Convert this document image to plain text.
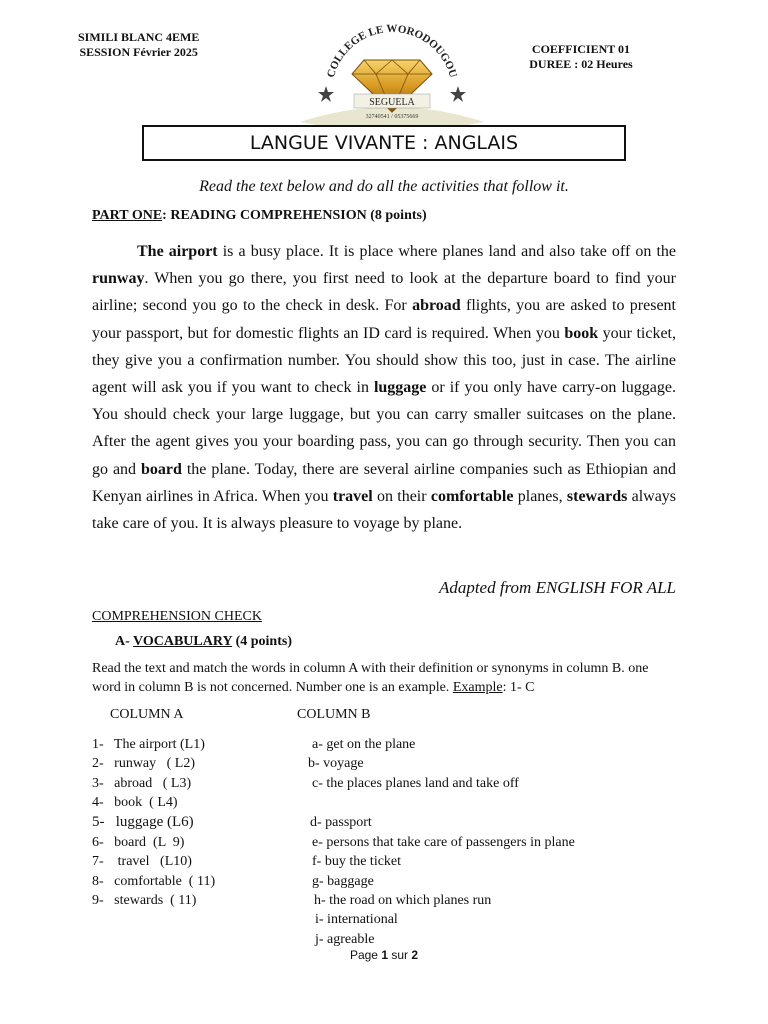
SIMILI BLANC 4EME
SESSION Février 2025
COLLEGE LE WORODOUGOU
SEGUELA
32740541 / 05375669
COEFFICIENT 01
DUREE : 02 Heures
LANGUE VIVANTE : ANGLAIS
Read the text below and do all the activities that follow it.
PART ONE: READING COMPREHENSION (8 points)
The airport is a busy place. It is place where planes land and also take off on the runway. When you go there, you first need to look at the departure board to find your airline; second you go to the check in desk. For abroad flights, you are asked to present your passport, but for domestic flights an ID card is required. When you book your ticket, they give you a confirmation number. You should show this too, just in case. The airline agent will ask you if you want to check in luggage or if you only have carry-on luggage. You should check your large luggage, but you can carry smaller suitcases on the plane. After the agent gives you your boarding pass, you can go through security. Then you can go and board the plane. Today, there are several airline companies such as Ethiopian and Kenyan airlines in Africa. When you travel on their comfortable planes, stewards always take care of you. It is always pleasure to voyage by plane.
Adapted from ENGLISH FOR ALL
COMPREHENSION CHECK
A- VOCABULARY (4 points)
Read the text and match the words in column A with their definition or synonyms in column B. one word in column B is not concerned. Number one is an example. Example: 1- C
COLUMN A	COLUMN B
1-   The airport (L1)
2-   runway   ( L2)
3-   abroad   ( L3)
4-   book  ( L4)
5-   luggage (L6)
6-   board  (L  9)
7-    travel   (L10)
8-   comfortable  ( 11)
9-   stewards  ( 11)
a- get on the plane
b- voyage
c- the places planes land and take off
d- passport
e- persons that take care of passengers in plane
f- buy the ticket
g- baggage
h- the road on which planes run
i- international
j- agreable
Page 1 sur 2
